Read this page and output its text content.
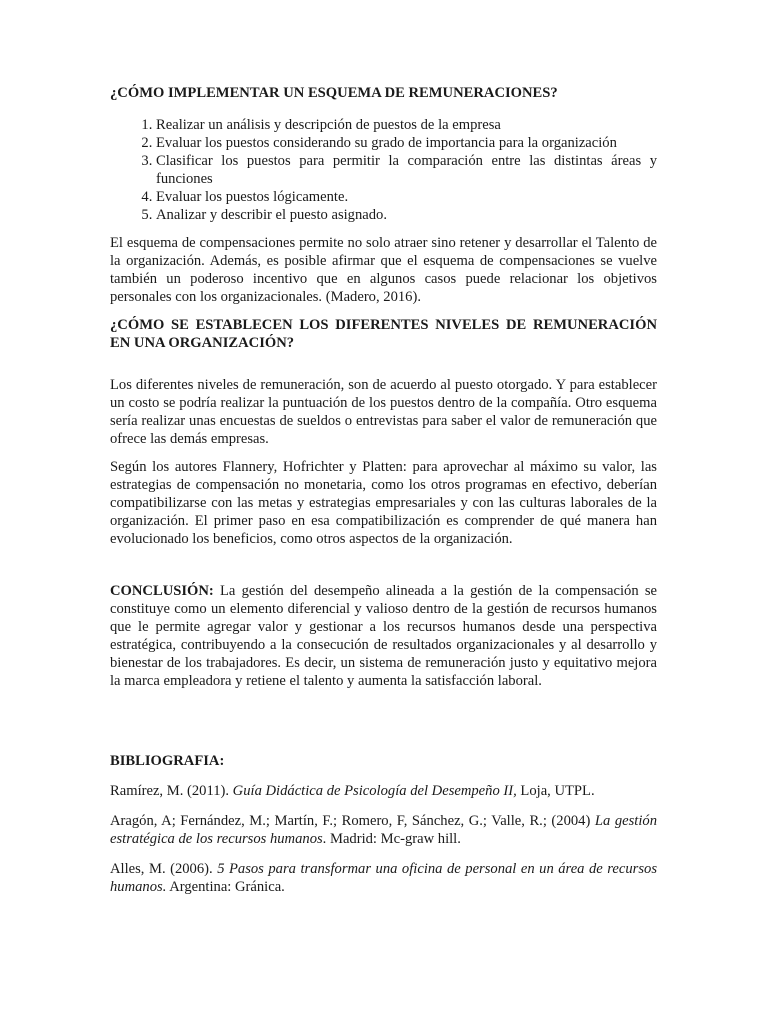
¿CÓMO IMPLEMENTAR UN ESQUEMA DE REMUNERACIONES?
1. Realizar un análisis y descripción de puestos de la empresa
2. Evaluar los puestos considerando su grado de importancia para la organización
3. Clasificar los puestos para permitir la comparación entre las distintas áreas y funciones
4. Evaluar los puestos lógicamente.
5. Analizar y describir el puesto asignado.

El esquema de compensaciones permite no solo atraer sino retener y desarrollar el Talento de la organización. Además, es posible afirmar que el esquema de compensaciones se vuelve también un poderoso incentivo que en algunos casos puede relacionar los objetivos personales con los organizacionales. (Madero, 2016).

¿CÓMO SE ESTABLECEN LOS DIFERENTES NIVELES DE REMUNERACIÓN EN UNA ORGANIZACIÓN?

Los diferentes niveles de remuneración, son de acuerdo al puesto otorgado. Y para establecer un costo se podría realizar la puntuación de los puestos dentro de la compañía. Otro esquema sería realizar unas encuestas de sueldos o entrevistas para saber el valor de remuneración que ofrece las demás empresas.

Según los autores Flannery, Hofrichter y Platten: para aprovechar al máximo su valor, las estrategias de compensación no monetaria, como los otros programas en efectivo, deberían compatibilizarse con las metas y estrategias empresariales y con las culturas laborales de la organización. El primer paso en esa compatibilización es comprender de qué manera han evolucionado los beneficios, como otros aspectos de la organización.

CONCLUSIÓN: La gestión del desempeño alineada a la gestión de la compensación se constituye como un elemento diferencial y valioso dentro de la gestión de recursos humanos que le permite agregar valor y gestionar a los recursos humanos desde una perspectiva estratégica, contribuyendo a la consecución de resultados organizacionales y al desarrollo y bienestar de los trabajadores. Es decir, un sistema de remuneración justo y equitativo mejora la marca empleadora y retiene el talento y aumenta la satisfacción laboral.

BIBLIOGRAFIA:

Ramírez, M. (2011). Guía Didáctica de Psicología del Desempeño II, Loja, UTPL.

Aragón, A; Fernández, M.; Martín, F.; Romero, F, Sánchez, G.; Valle, R.; (2004) La gestión estratégica de los recursos humanos. Madrid: Mc-graw hill.

Alles, M. (2006). 5 Pasos para transformar una oficina de personal en un área de recursos humanos. Argentina: Gránica.
